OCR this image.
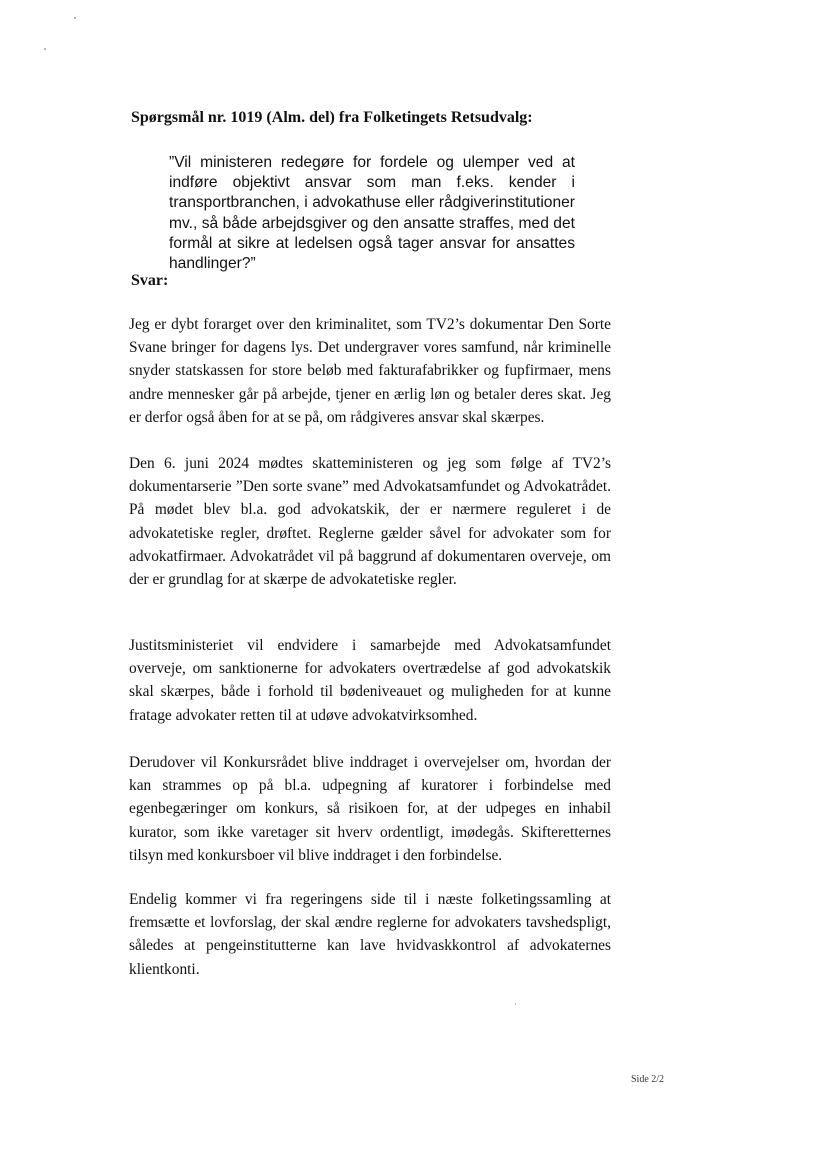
Spørgsmål nr. 1019 (Alm. del) fra Folketingets Retsudvalg:

”Vil ministeren redegøre for fordele og ulemper ved at indføre objektivt ansvar som man f.eks. kender i transportbranchen, i advokathuse eller rådgiverinstitutioner mv., så både arbejdsgiver og den ansatte straffes, med det formål at sikre at ledelsen også tager ansvar for ansattes handlinger?”

Svar:

Jeg er dybt forarget over den kriminalitet, som TV2’s dokumentar Den Sorte Svane bringer for dagens lys. Det undergraver vores samfund, når kriminelle snyder statskassen for store beløb med fakturafabrikker og fupfirmaer, mens andre mennesker går på arbejde, tjener en ærlig løn og betaler deres skat. Jeg er derfor også åben for at se på, om rådgiveres ansvar skal skærpes.

Den 6. juni 2024 mødtes skatteministeren og jeg som følge af TV2’s dokumentarserie ”Den sorte svane” med Advokatsamfundet og Advokatrådet. På mødet blev bl.a. god advokatskik, der er nærmere reguleret i de advokatetiske regler, drøftet. Reglerne gælder såvel for advokater som for advokatfirmaer. Advokatrådet vil på baggrund af dokumentaren overveje, om der er grundlag for at skærpe de advokatetiske regler.

Justitsministeriet vil endvidere i samarbejde med Advokatsamfundet overveje, om sanktionerne for advokaters overtrædelse af god advokatskik skal skærpes, både i forhold til bødeniveauet og muligheden for at kunne fratage advokater retten til at udøve advokatvirksomhed.

Derudover vil Konkursrådet blive inddraget i overvejelser om, hvordan der kan strammes op på bl.a. udpegning af kuratorer i forbindelse med egenbegæringer om konkurs, så risikoen for, at der udpeges en inhabil kurator, som ikke varetager sit hverv ordentligt, imødegås. Skifteretternes tilsyn med konkursboer vil blive inddraget i den forbindelse.

Endelig kommer vi fra regeringens side til i næste folketingssamling at fremsætte et lovforslag, der skal ændre reglerne for advokaters tavshedspligt, således at pengeinstitutterne kan lave hvidvaskkontrol af advokaternes klientkonti.

Side 2/2
